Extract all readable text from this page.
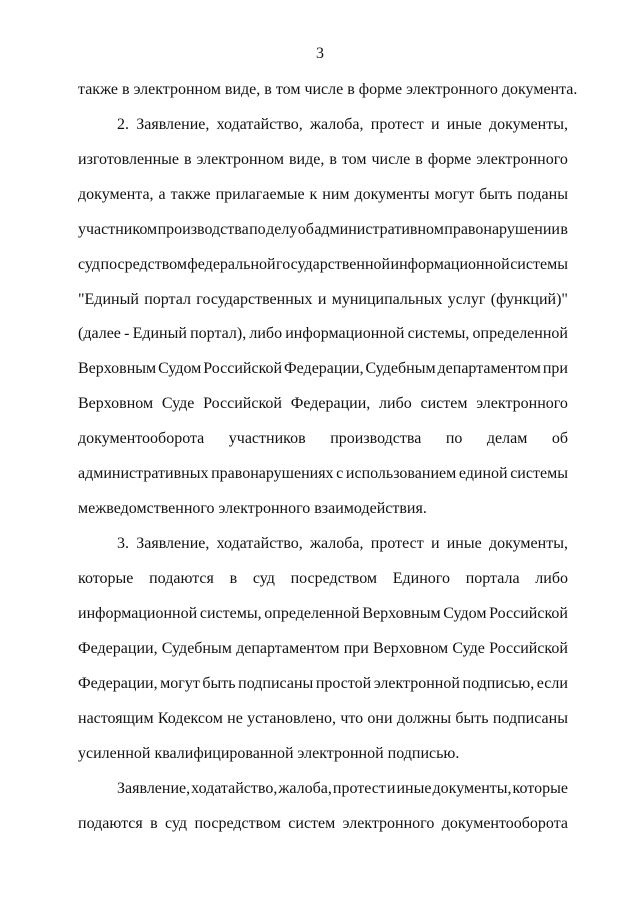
3
также в электронном виде, в том числе в форме электронного документа.
2. Заявление, ходатайство, жалоба, протест и иные документы,
изготовленные в электронном виде, в том числе в форме электронного
документа, а также прилагаемые к ним документы могут быть поданы
участником производства по делу об административном правонарушении в
суд посредством федеральной государственной информационной системы
"Единый портал государственных и муниципальных услуг (функций)"
(далее - Единый портал), либо информационной системы, определенной
Верховным Судом Российской Федерации, Судебным департаментом при
Верховном Суде Российской Федерации, либо систем электронного
документооборота участников производства по делам об
административных правонарушениях с использованием единой системы
межведомственного электронного взаимодействия.
3. Заявление, ходатайство, жалоба, протест и иные документы,
которые подаются в суд посредством Единого портала либо
информационной системы, определенной Верховным Судом Российской
Федерации, Судебным департаментом при Верховном Суде Российской
Федерации, могут быть подписаны простой электронной подписью, если
настоящим Кодексом не установлено, что они должны быть подписаны
усиленной квалифицированной электронной подписью.
Заявление, ходатайство, жалоба, протест и иные документы, которые
подаются в суд посредством систем электронного документооборота
